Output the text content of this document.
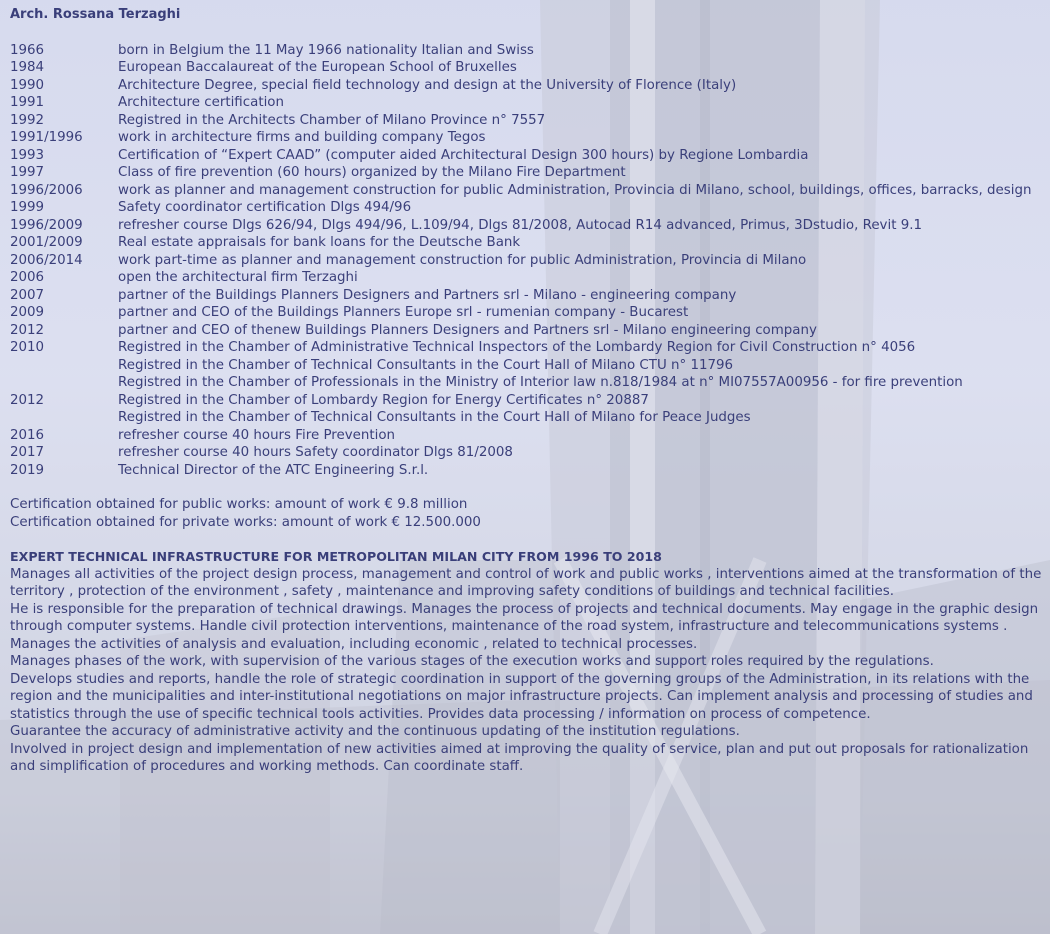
Arch. Rossana Terzaghi
1966	born in Belgium the 11 May 1966 nationality Italian and Swiss

1984	European Baccalaureat of the European School of Bruxelles

1990	Architecture Degree, special field technology and design at the University of Florence (Italy)

1991	Architecture certification

1992	Registred in the Architects Chamber of Milano Province n° 7557

1991/1996	work in architecture firms and building company Tegos

1993	Certification of “Expert CAAD” (computer aided Architectural Design 300 hours) by Regione Lombardia

1997	Class of fire prevention (60 hours) organized by the Milano Fire Department

1996/2006	work as planner and management construction for public Administration, Provincia di Milano, school, buildings, offices, barracks, design

1999	Safety coordinator certification Dlgs 494/96

1996/2009	refresher course Dlgs 626/94, Dlgs 494/96, L.109/94, Dlgs 81/2008, Autocad R14 advanced, Primus, 3Dstudio, Revit 9.1

2001/2009	Real estate appraisals for bank loans for the Deutsche Bank

2006/2014	work part-time as planner and management construction for public Administration, Provincia di Milano

2006	open the architectural firm Terzaghi

2007	partner of the Buildings Planners Designers and Partners srl - Milano - engineering company

2009	partner and CEO of the Buildings Planners Europe srl - rumenian company - Bucarest

2012	partner and CEO of thenew Buildings Planners Designers and Partners srl - Milano engineering company

2010	Registred in the Chamber of Administrative Technical Inspectors of the Lombardy Region for Civil Construction n° 4056
Registred in the Chamber of Technical Consultants in the Court Hall of Milano CTU n° 11796
Registred in the Chamber of Professionals in the Ministry of Interior law n.818/1984 at n° MI07557A00956 - for fire prevention

2012	Registred in the Chamber of Lombardy Region for Energy Certificates n° 20887
Registred in the Chamber of Technical Consultants in the Court Hall of Milano for Peace Judges

2016	refresher course 40 hours Fire Prevention

2017	refresher course 40 hours Safety coordinator Dlgs 81/2008

2019	Technical Director of the ATC Engineering S.r.l.

Certification obtained for public works: amount of work € 9.8 million

Certification obtained for private works: amount of work € 12.500.000

EXPERT TECHNICAL INFRASTRUCTURE FOR METROPOLITAN MILAN CITY FROM 1996 TO 2018

Manages all activities of the project design process, management and control of work and public works , interventions aimed at the transformation of the territory , protection of the environment , safety , maintenance and improving safety conditions of buildings and technical facilities.

He is responsible for the preparation of technical drawings. Manages the process of projects and technical documents. May engage in the graphic design through computer systems. Handle civil protection interventions, maintenance of the road system, infrastructure and telecommunications systems . Manages the activities of analysis and evaluation, including economic , related to technical processes.

Manages phases of the work, with supervision of the various stages of the execution works and support roles required by the regulations.

Develops studies and reports, handle the role of strategic coordination in support of the governing groups of the Administration, in its relations with the region and the municipalities and inter-institutional negotiations on major infrastructure projects. Can implement analysis and processing of studies and statistics through the use of specific technical tools activities. Provides data processing / information on process of competence.

Guarantee the accuracy of administrative activity and the continuous updating of the institution regulations.

Involved in project design and implementation of new activities aimed at improving the quality of service, plan and put out proposals for rationalization and simplification of procedures and working methods. Can coordinate staff.
